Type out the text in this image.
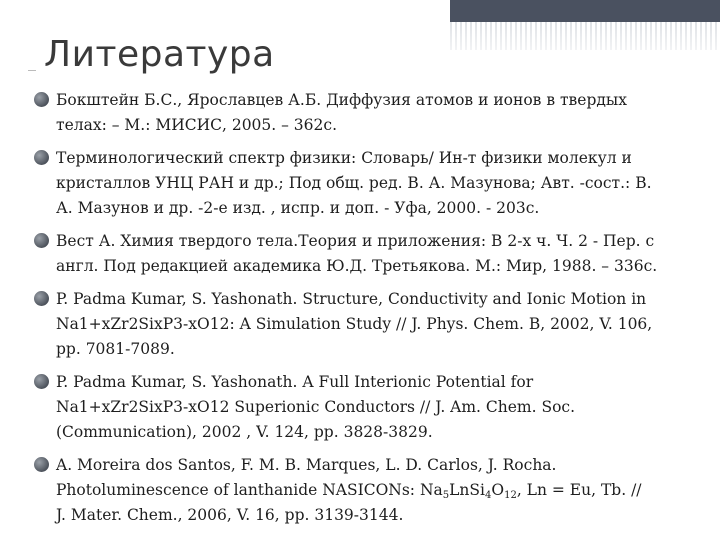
Литература
Бокштейн Б.С., Ярославцев А.Б. Диффузия атомов и ионов в твердых
телах: – М.: МИСИС, 2005. – 362с.
Терминологический спектр физики: Словарь/ Ин-т физики молекул и
кристаллов УНЦ РАН и др.; Под общ. ред. В. А. Мазунова; Авт. -сост.: В.
А. Мазунов и др. -2-е изд. , испр. и доп. - Уфа, 2000. - 203с.
Вест А. Химия твердого тела.Теория и приложения: В 2-х ч. Ч. 2 - Пер. с
англ. Под редакцией академика Ю.Д. Третьякова. М.: Мир, 1988. – 336с.
P. Padma Kumar, S. Yashonath. Structure, Conductivity and Ionic Motion in
Na1+xZr2SixP3-xO12: A Simulation Study // J. Phys. Chem. B, 2002, V. 106,
pp. 7081-7089.
P. Padma Kumar, S. Yashonath. A Full Interionic Potential for
Na1+xZr2SixP3-xO12 Superionic Conductors // J. Am. Chem. Soc.
(Communication), 2002 , V. 124, pp. 3828-3829.
A. Moreira dos Santos, F. M. B. Marques, L. D. Carlos, J. Rocha.
Photoluminescence of lanthanide NASICONs: $Na_5LnSi_4O_{12}$, Ln = Eu, Tb. //
J. Mater. Chem., 2006, V. 16, pp. 3139-3144.
